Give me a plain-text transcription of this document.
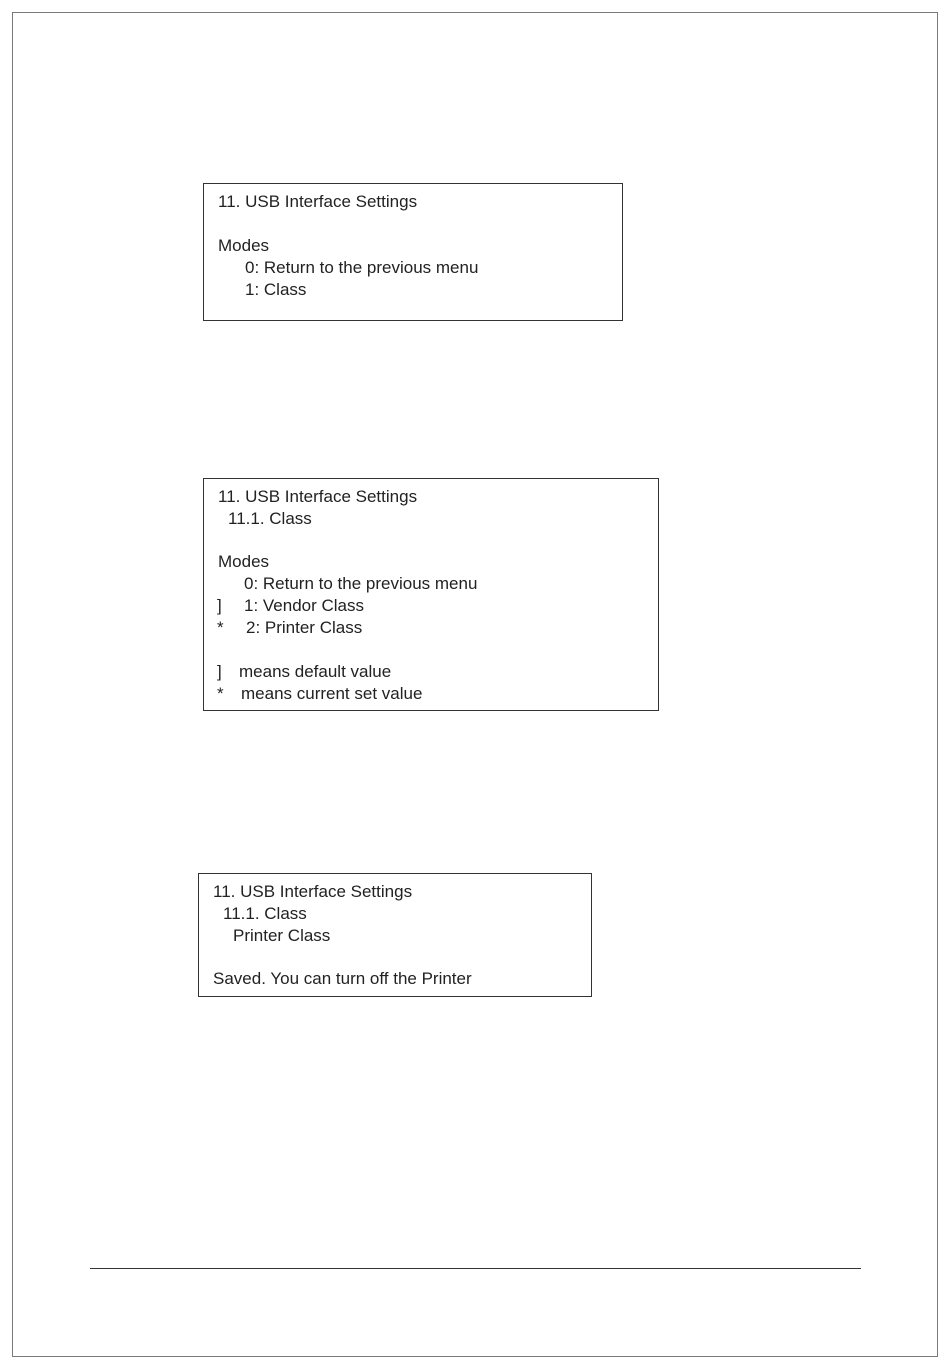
11. USB Interface Settings
Modes
0: Return to the previous menu
1: Class
11. USB Interface Settings
11.1. Class
Modes
0: Return to the previous menu
] 1: Vendor Class
* 2: Printer Class
] means default value
* means current set value
11. USB Interface Settings
11.1. Class
Printer Class
Saved. You can turn off the Printer
